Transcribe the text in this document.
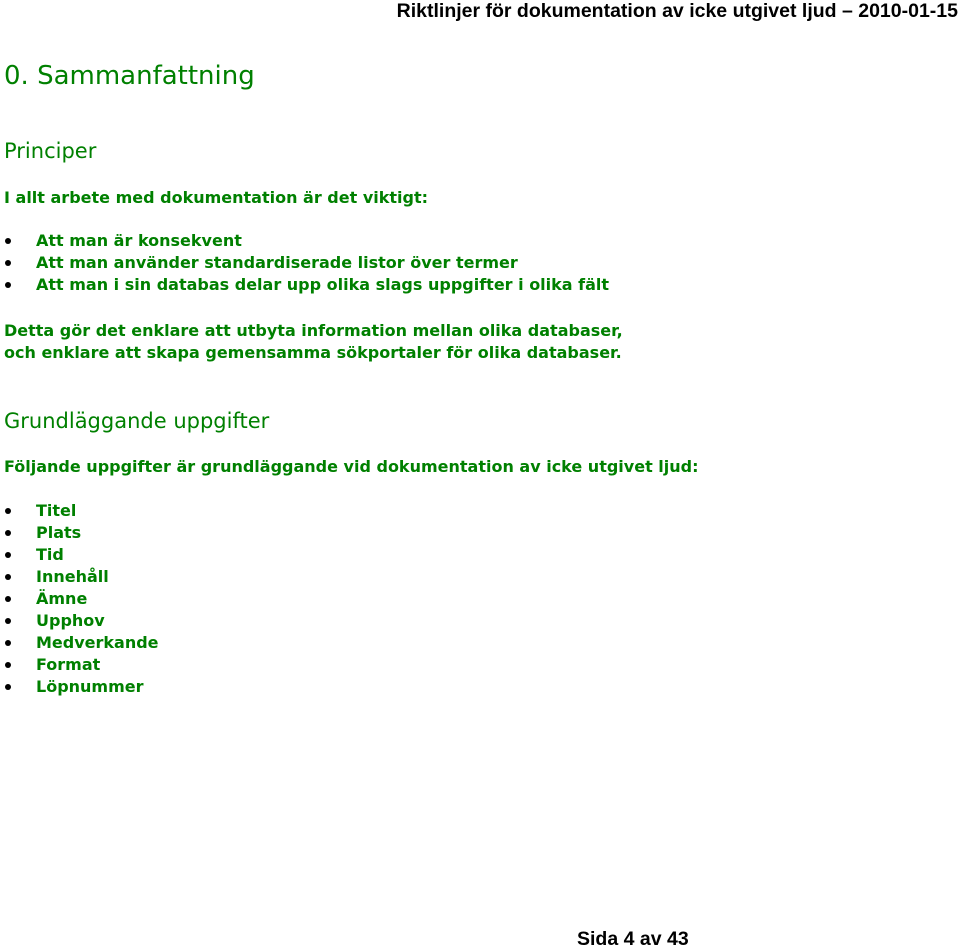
Riktlinjer för dokumentation av icke utgivet ljud – 2010-01-15
0. Sammanfattning
Principer
I allt arbete med dokumentation är det viktigt:
Att man är konsekvent
Att man använder standardiserade listor över termer
Att man i sin databas delar upp olika slags uppgifter i olika fält
Detta gör det enklare att utbyta information mellan olika databaser,
och enklare att skapa gemensamma sökportaler för olika databaser.
Grundläggande uppgifter
Följande uppgifter är grundläggande vid dokumentation av icke utgivet ljud:
Titel
Plats
Tid
Innehåll
Ämne
Upphov
Medverkande
Format
Löpnummer
Sida 4 av 43
